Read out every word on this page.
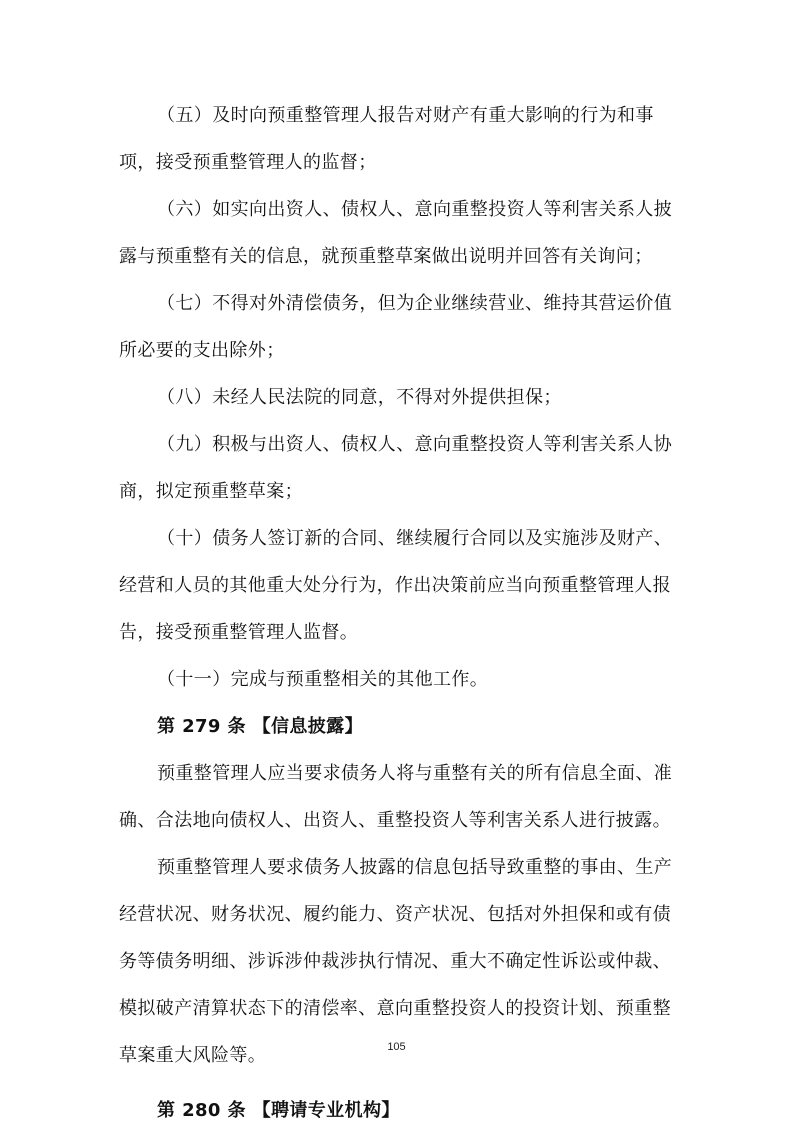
（五）及时向预重整管理人报告对财产有重大影响的行为和事
项，接受预重整管理人的监督；
（六）如实向出资人、债权人、意向重整投资人等利害关系人披
露与预重整有关的信息，就预重整草案做出说明并回答有关询问；
（七）不得对外清偿债务，但为企业继续营业、维持其营运价值
所必要的支出除外；
（八）未经人民法院的同意，不得对外提供担保；
（九）积极与出资人、债权人、意向重整投资人等利害关系人协
商，拟定预重整草案；
（十）债务人签订新的合同、继续履行合同以及实施涉及财产、
经营和人员的其他重大处分行为，作出决策前应当向预重整管理人报
告，接受预重整管理人监督。
（十一）完成与预重整相关的其他工作。
第 279 条 【信息披露】
预重整管理人应当要求债务人将与重整有关的所有信息全面、准
确、合法地向债权人、出资人、重整投资人等利害关系人进行披露。
预重整管理人要求债务人披露的信息包括导致重整的事由、生产
经营状况、财务状况、履约能力、资产状况、包括对外担保和或有债
务等债务明细、涉诉涉仲裁涉执行情况、重大不确定性诉讼或仲裁、
模拟破产清算状态下的清偿率、意向重整投资人的投资计划、预重整
草案重大风险等。
第 280 条 【聘请专业机构】
105
